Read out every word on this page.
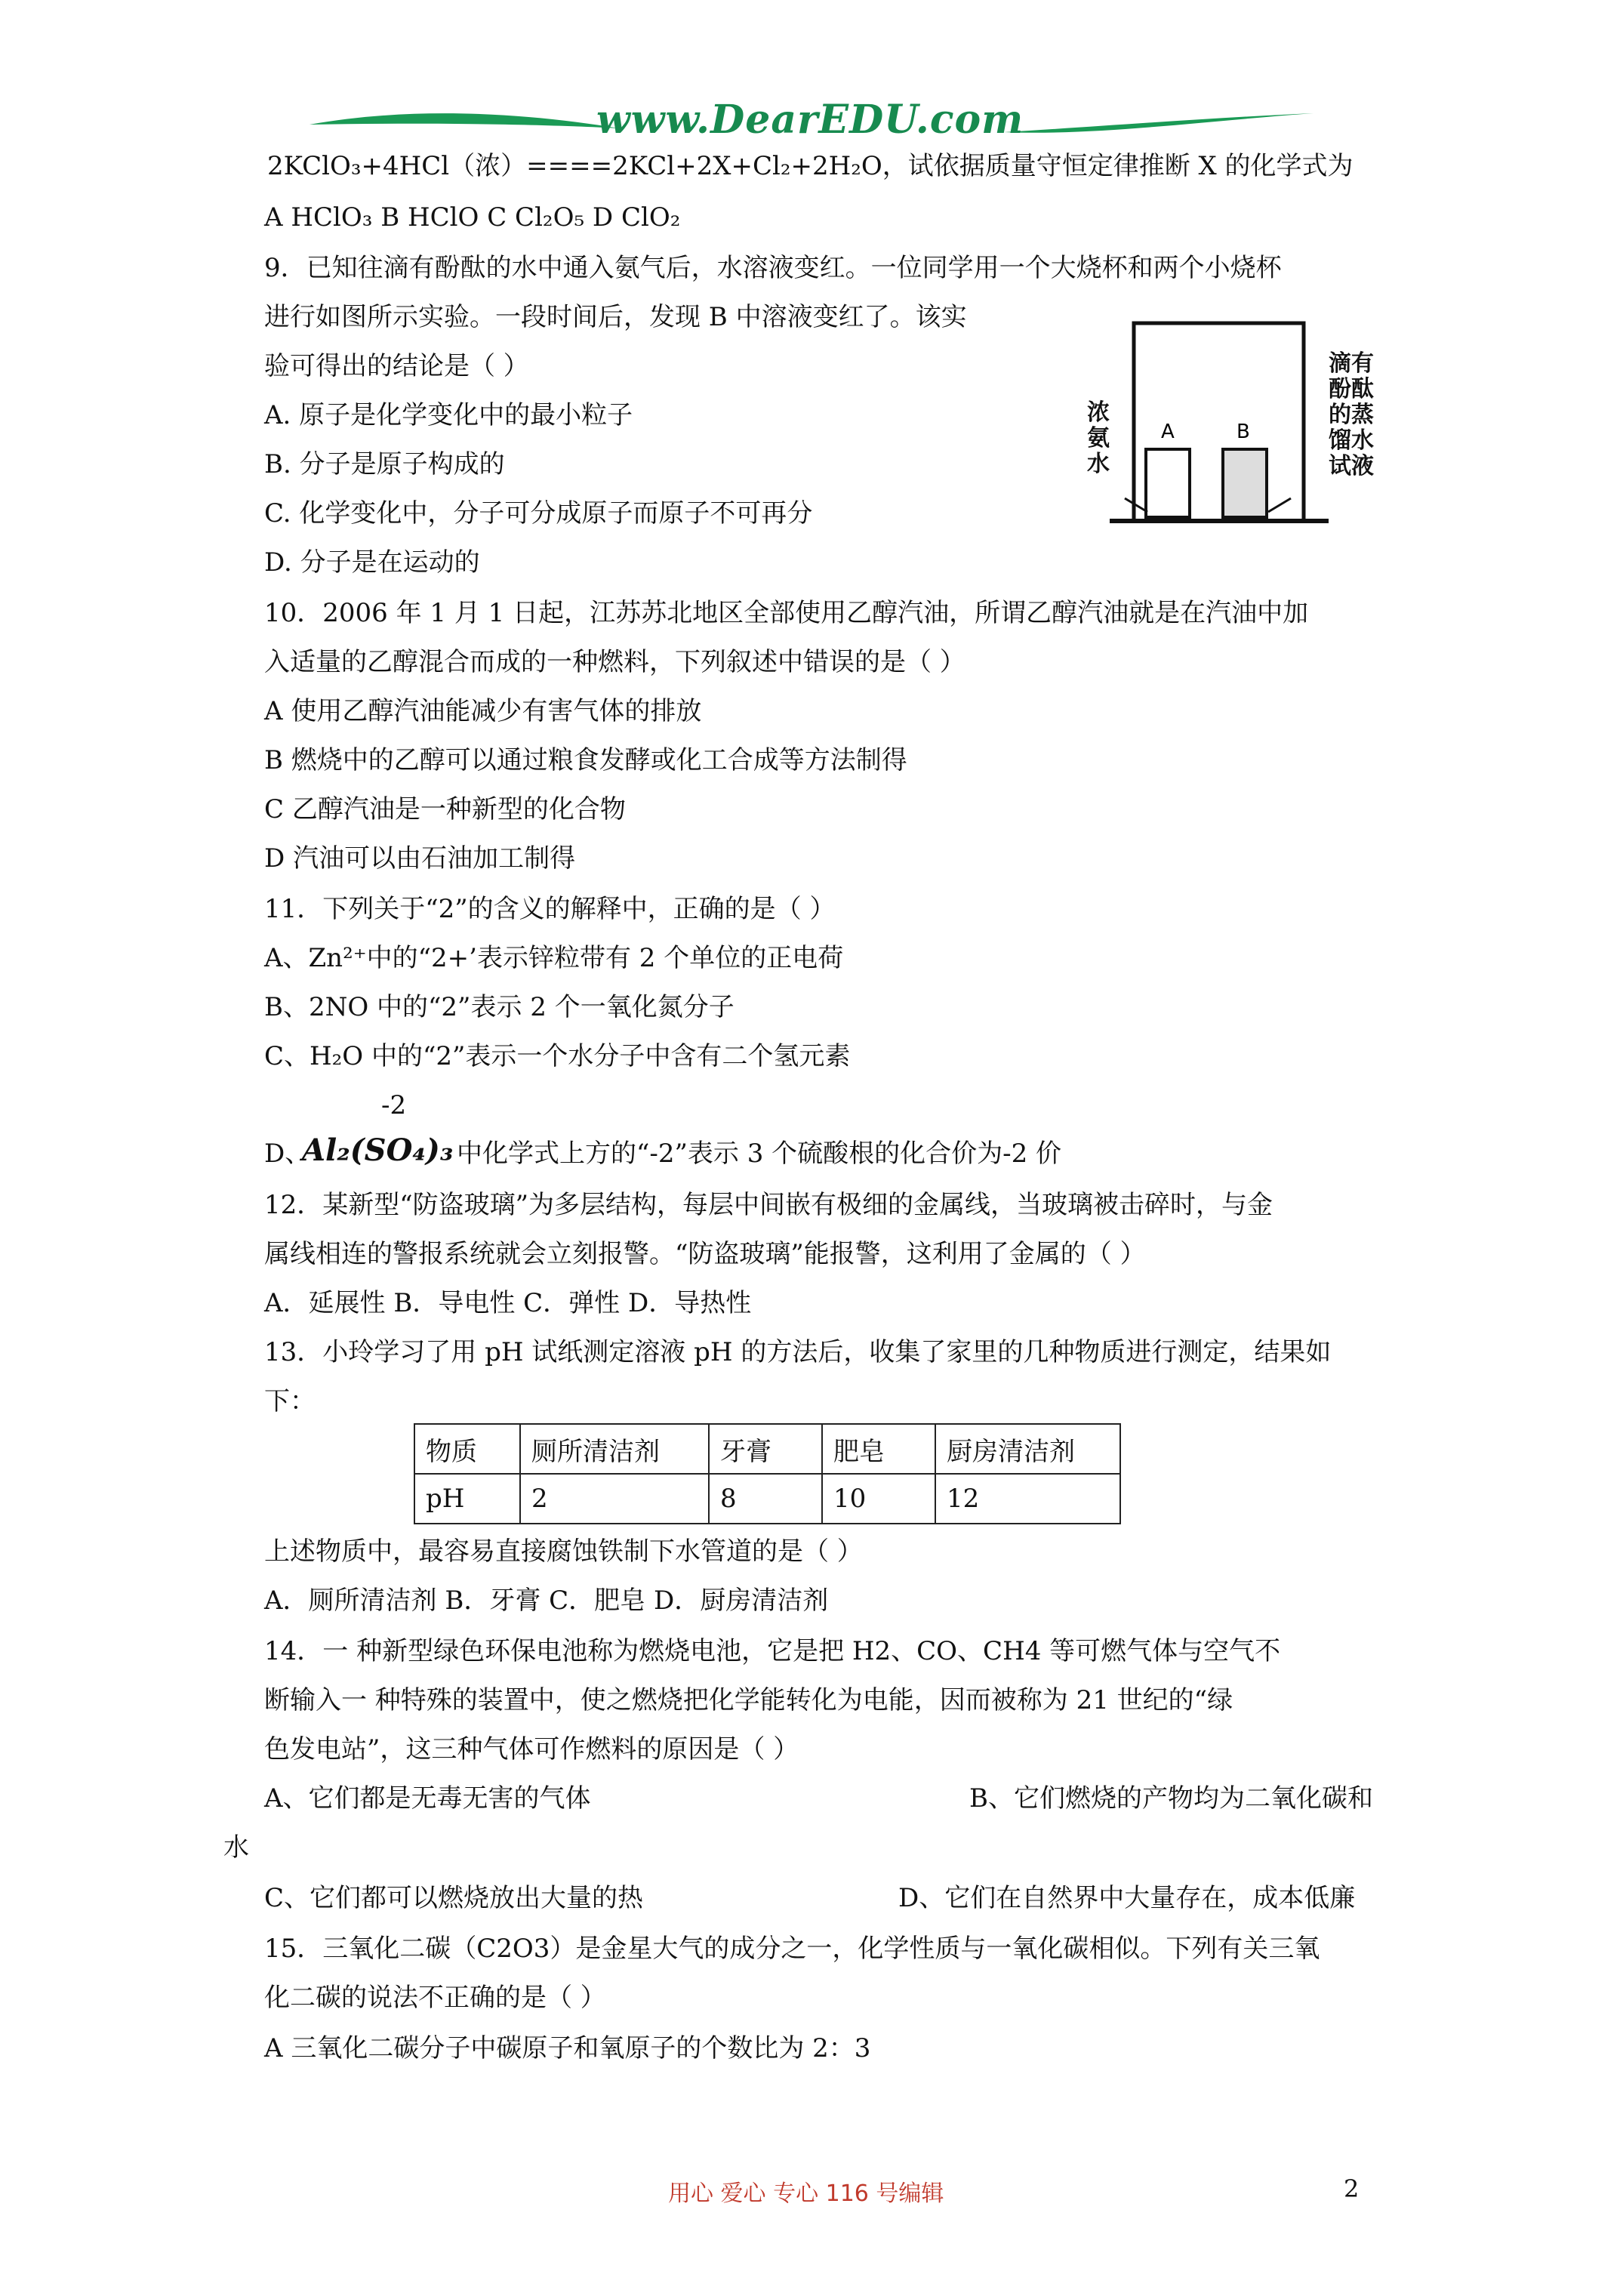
www.DearEDU.com
2KClO₃+4HCl（浓）====2KCl+2X+Cl₂+2H₂O，试依据质量守恒定律推断 X 的化学式为
A HClO₃ B HClO C Cl₂O₅ D ClO₂
9．已知往滴有酚酞的水中通入氨气后，水溶液变红。一位同学用一个大烧杯和两个小烧杯
进行如图所示实验。一段时间后，发现 B 中溶液变红了。该实
验可得出的结论是（ ）
A. 原子是化学变化中的最小粒子
B. 分子是原子构成的
C. 化学变化中，分子可分成原子而原子不可再分
D. 分子是在运动的
A	B
浓氨水
滴有酚酞的蒸馏水试液
10．2006 年 1 月 1 日起，江苏苏北地区全部使用乙醇汽油，所谓乙醇汽油就是在汽油中加
入适量的乙醇混合而成的一种燃料，下列叙述中错误的是（ ）
A 使用乙醇汽油能减少有害气体的排放
B 燃烧中的乙醇可以通过粮食发酵或化工合成等方法制得
C 乙醇汽油是一种新型的化合物
D 汽油可以由石油加工制得
11．下列关于“2”的含义的解释中，正确的是（ ）
A、Zn²⁺中的“2+’表示锌粒带有 2 个单位的正电荷
B、2NO 中的“2”表示 2 个一氧化氮分子
C、H₂O 中的“2”表示一个水分子中含有二个氢元素
-2
D、
Al₂(SO₄)₃ 中化学式上方的“-2”表示 3 个硫酸根的化合价为-2 价
12．某新型“防盗玻璃”为多层结构，每层中间嵌有极细的金属线，当玻璃被击碎时，与金
属线相连的警报系统就会立刻报警。“防盗玻璃”能报警，这利用了金属的（ ）
A．延展性 B．导电性 C．弹性 D．导热性
13．小玲学习了用 pH 试纸测定溶液 pH 的方法后，收集了家里的几种物质进行测定，结果如
下：
物质	厕所清洁剂	牙膏	肥皂	厨房清洁剂
pH	2	8	10	12
上述物质中，最容易直接腐蚀铁制下水管道的是（ ）
A．厕所清洁剂 B．牙膏 C．肥皂 D．厨房清洁剂
14．一 种新型绿色环保电池称为燃烧电池，它是把 H2、CO、CH4 等可燃气体与空气不
断输入一 种特殊的装置中，使之燃烧把化学能转化为电能，因而被称为 21 世纪的“绿
色发电站”，这三种气体可作燃料的原因是（ ）
A、它们都是无毒无害的气体	B、它们燃烧的产物均为二氧化碳和
水
C、它们都可以燃烧放出大量的热	D、它们在自然界中大量存在，成本低廉
15．三氧化二碳（C2O3）是金星大气的成分之一，化学性质与一氧化碳相似。下列有关三氧
化二碳的说法不正确的是（ ）
A 三氧化二碳分子中碳原子和氧原子的个数比为 2：3
用心 爱心 专心 116 号编辑	2
